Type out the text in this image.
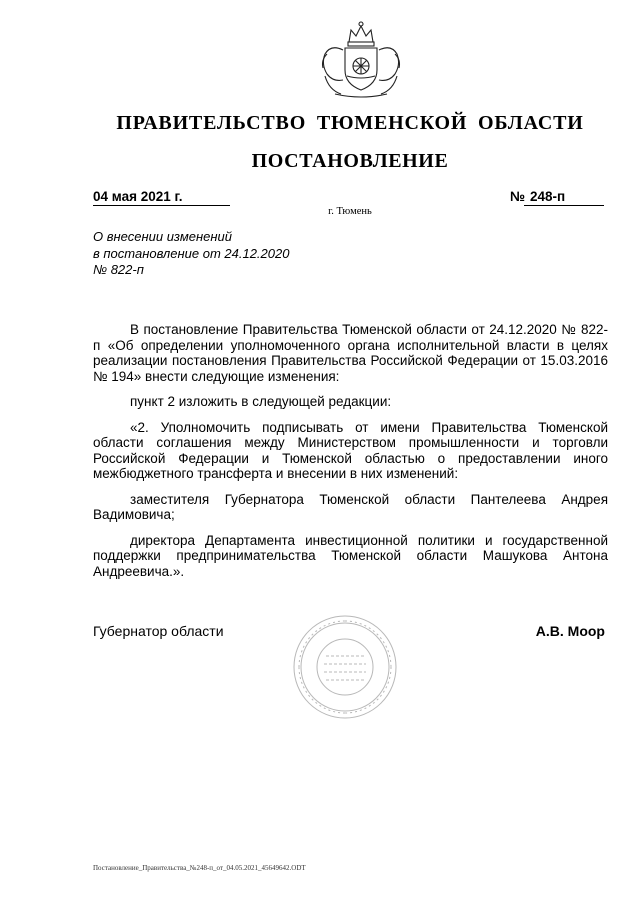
ПРАВИТЕЛЬСТВО ТЮМЕНСКОЙ ОБЛАСТИ
ПОСТАНОВЛЕНИЕ
04 мая 2021 г.	№ 248-п
г. Тюмень
О внесении изменений
в постановление от 24.12.2020
№ 822-п

В постановление Правительства Тюменской области от 24.12.2020 № 822-п «Об определении уполномоченного органа исполнительной власти в целях реализации постановления Правительства Российской Федерации от 15.03.2016 № 194» внести следующие изменения:

пункт 2 изложить в следующей редакции:

«2. Уполномочить подписывать от имени Правительства Тюменской области соглашения между Министерством промышленности и торговли Российской Федерации и Тюменской областью о предоставлении иного межбюджетного трансферта и внесении в них изменений:

заместителя Губернатора Тюменской области Пантелеева Андрея Вадимовича;

директора Департамента инвестиционной политики и государственной поддержки предпринимательства Тюменской области Машукова Антона Андреевича.».

Губернатор области	А.В. Моор
Постановление_Правительства_№248-п_от_04.05.2021_45649642.ODT
